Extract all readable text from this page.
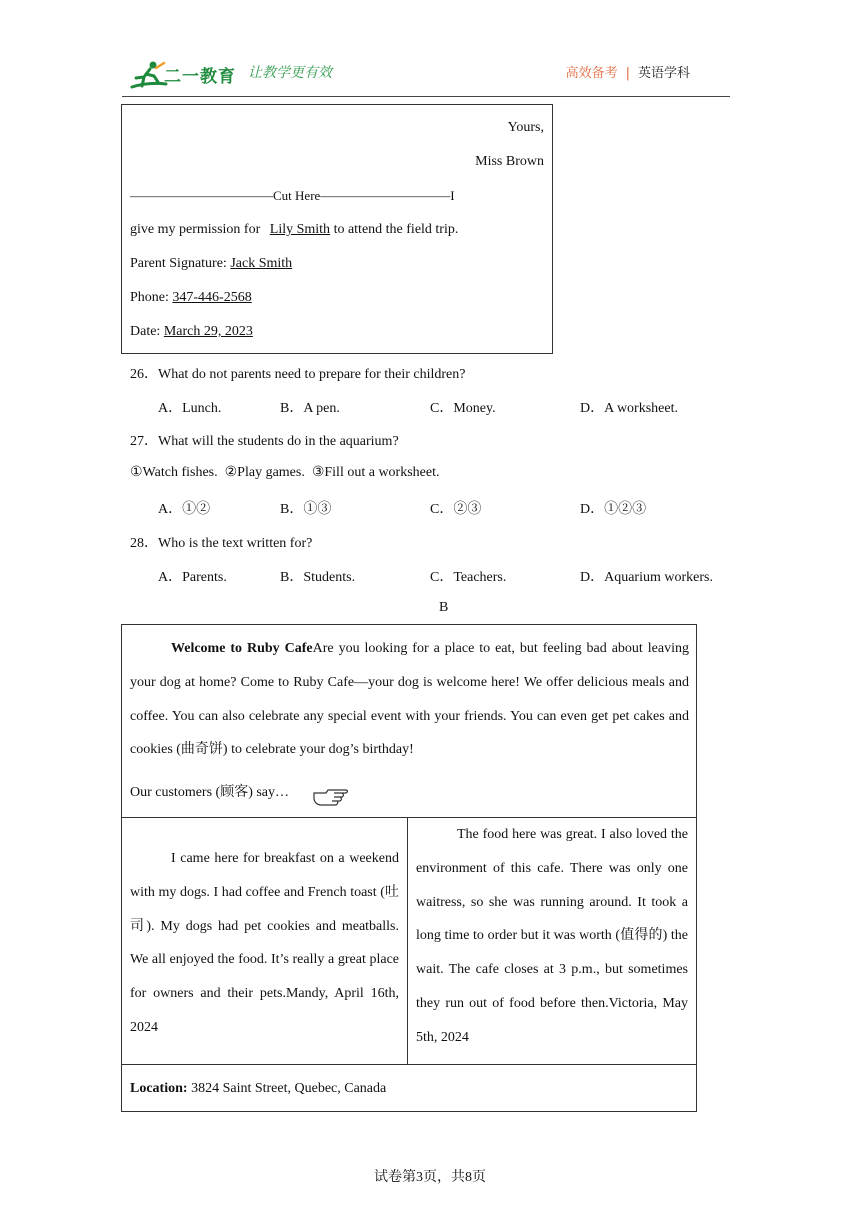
二一教育 让教学更有效	高效备考 | 英语学科
Yours,
Miss Brown
———————————Cut Here——————————I
give my permission for Lily Smith to attend the field trip.
Parent Signature: Jack Smith
Phone: 347-446-2568
Date: March 29, 2023
26．What do not parents need to prepare for their children?
A．Lunch.	B．A pen.	C．Money.	D．A worksheet.
27．What will the students do in the aquarium?
①Watch fishes.  ②Play games.  ③Fill out a worksheet.
A．①②	B．①③	C．②③	D．①②③
28．Who is the text written for?
A．Parents.	B．Students.	C．Teachers.	D．Aquarium workers.
B
Welcome to Ruby CafeAre you looking for a place to eat, but feeling bad about leaving your dog at home? Come to Ruby Cafe—your dog is welcome here! We offer delicious meals and coffee. You can also celebrate any special event with your friends. You can even get pet cakes and cookies (曲奇饼) to celebrate your dog’s birthday!
Our customers (顾客) say…
I came here for breakfast on a weekend with my dogs. I had coffee and French toast (吐司). My dogs had pet cookies and meatballs. We all enjoyed the food. It’s really a great place for owners and their pets.Mandy, April 16th, 2024
The food here was great. I also loved the environment of this cafe. There was only one waitress, so she was running around. It took a long time to order but it was worth (值得的) the wait. The cafe closes at 3 p.m., but sometimes they run out of food before then.Victoria, May 5th, 2024
Location: 3824 Saint Street, Quebec, Canada
试卷第3页，共8页
